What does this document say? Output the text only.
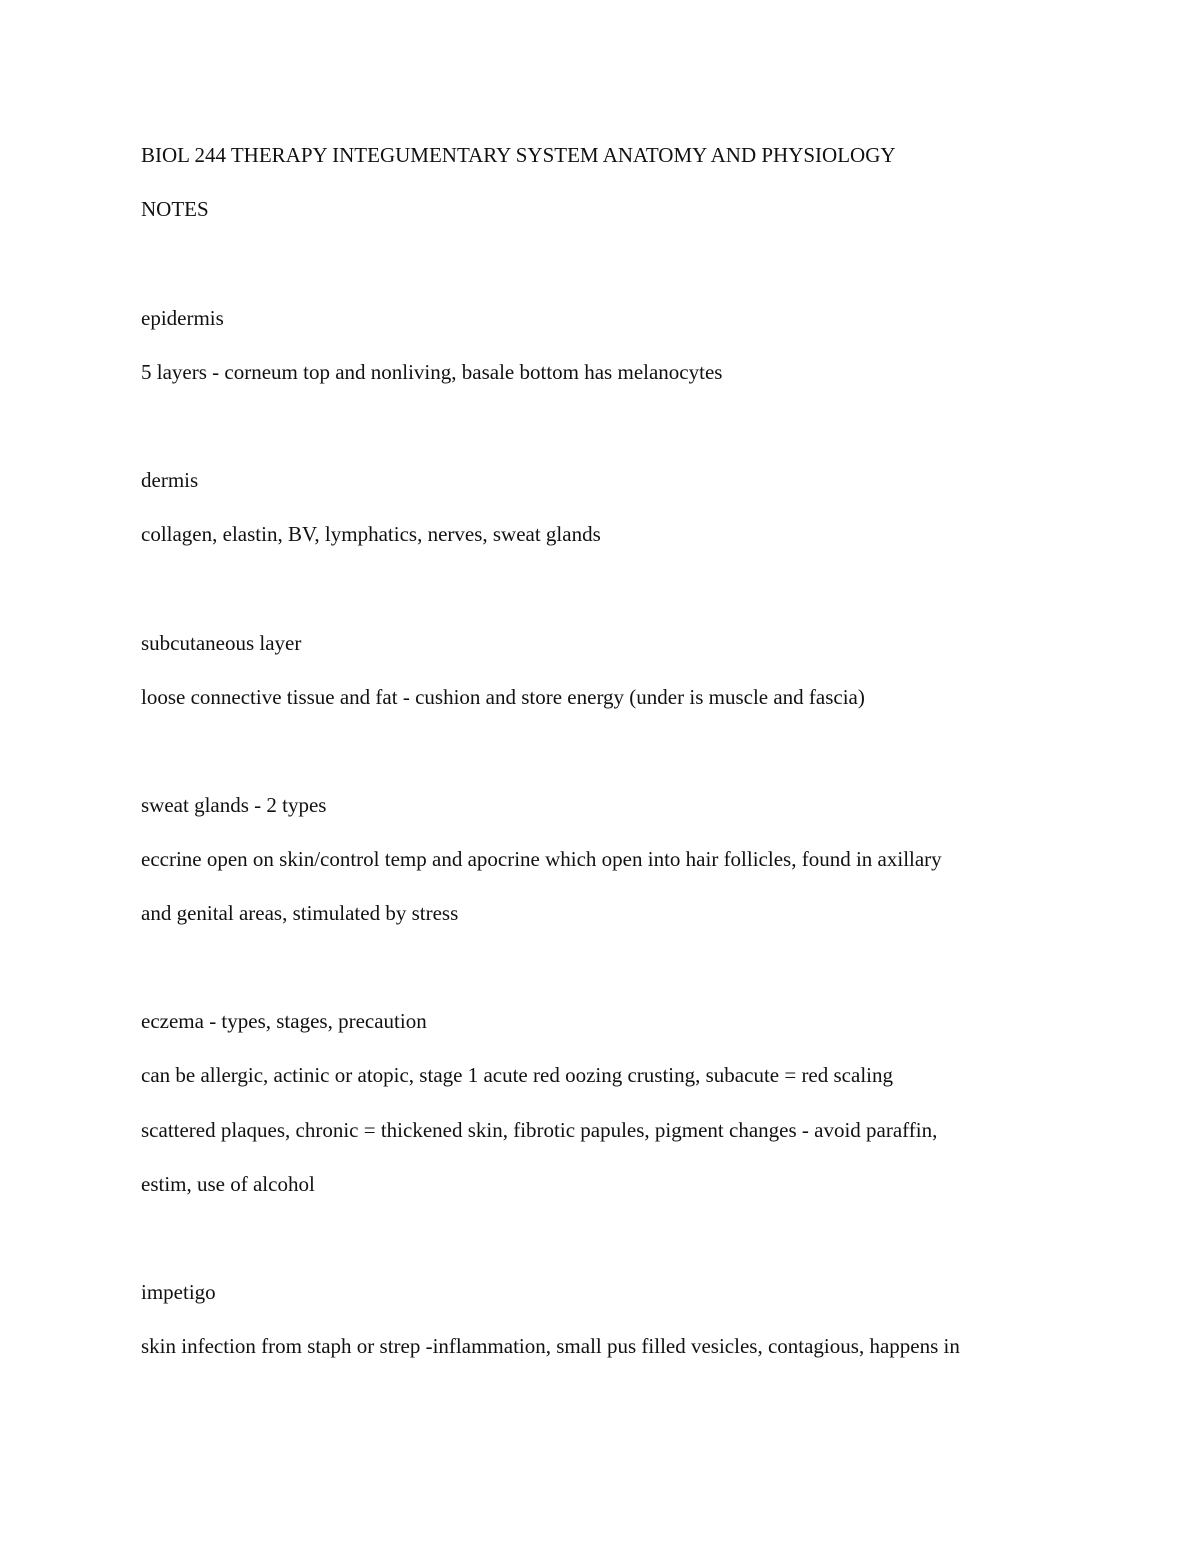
BIOL 244 THERAPY INTEGUMENTARY SYSTEM ANATOMY AND PHYSIOLOGY
NOTES
epidermis
5 layers - corneum top and nonliving, basale bottom has melanocytes
dermis
collagen, elastin, BV, lymphatics, nerves, sweat glands
subcutaneous layer
loose connective tissue and fat - cushion and store energy (under is muscle and fascia)
sweat glands - 2 types
eccrine open on skin/control temp and apocrine which open into hair follicles, found in axillary
and genital areas, stimulated by stress
eczema - types, stages, precaution
can be allergic, actinic or atopic, stage 1 acute red oozing crusting, subacute = red scaling
scattered plaques, chronic = thickened skin, fibrotic papules, pigment changes - avoid paraffin,
estim, use of alcohol
impetigo
skin infection from staph or strep -inflammation, small pus filled vesicles, contagious, happens in
